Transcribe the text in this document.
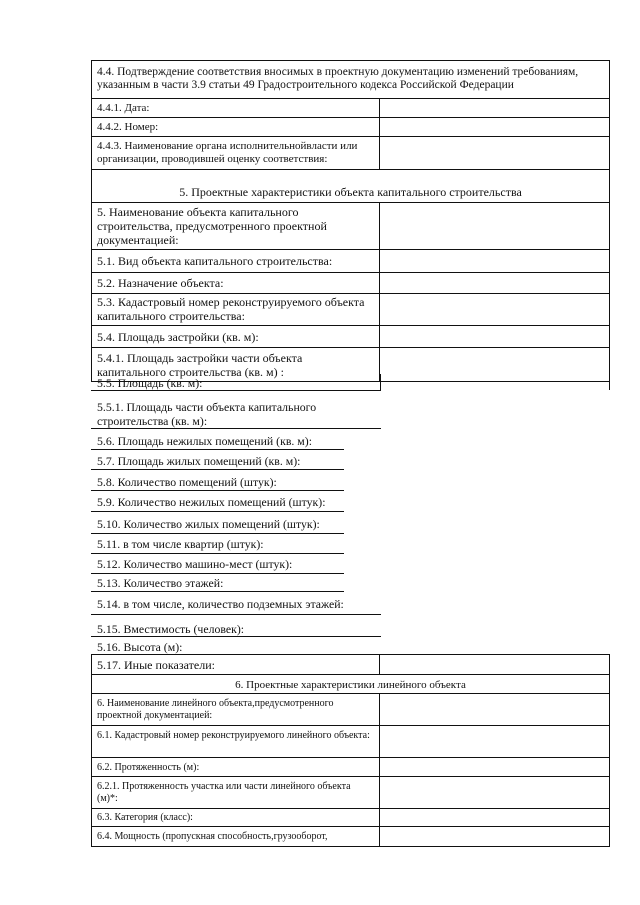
4.4. Подтверждение соответствия вносимых в проектную документацию изменений требованиям, указанным в части 3.9 статьи 49 Градостроительного кодекса Российской Федерации
4.4.1. Дата:
4.4.2. Номер:
4.4.3. Наименование органа исполнительнойвласти или организации, проводившей оценку соответствия:
5. Проектные характеристики объекта капитального строительства
5. Наименование объекта капитального строительства, предусмотренного проектной документацией:
5.1. Вид объекта капитального строительства:
5.2. Назначение объекта:
5.3. Кадастровый номер реконструируемого объекта капитального строительства:
5.4. Площадь застройки (кв. м):
5.4.1. Площадь застройки части объекта капитального строительства (кв. м) :
5.5. Площадь (кв. м):
5.5.1. Площадь части объекта капитального строительства (кв. м):
5.6. Площадь нежилых помещений (кв. м):
5.7. Площадь жилых помещений (кв. м):
5.8. Количество помещений (штук):
5.9. Количество нежилых помещений (штук):
5.10. Количество жилых помещений (штук):
5.11. в том числе квартир (штук):
5.12. Количество машино-мест (штук):
5.13. Количество этажей:
5.14. в том числе, количество подземных этажей:
5.15. Вместимость (человек):
5.16. Высота (м):
5.17. Иные показатели:
6. Проектные характеристики линейного объекта
6. Наименование линейного объекта,предусмотренного проектной документацией:
6.1. Кадастровый номер реконструируемого линейного объекта:
6.2. Протяженность (м):
6.2.1. Протяженность участка или части линейного объекта (м)*:
6.3. Категория (класс):
6.4. Мощность (пропускная способность,грузооборот,
